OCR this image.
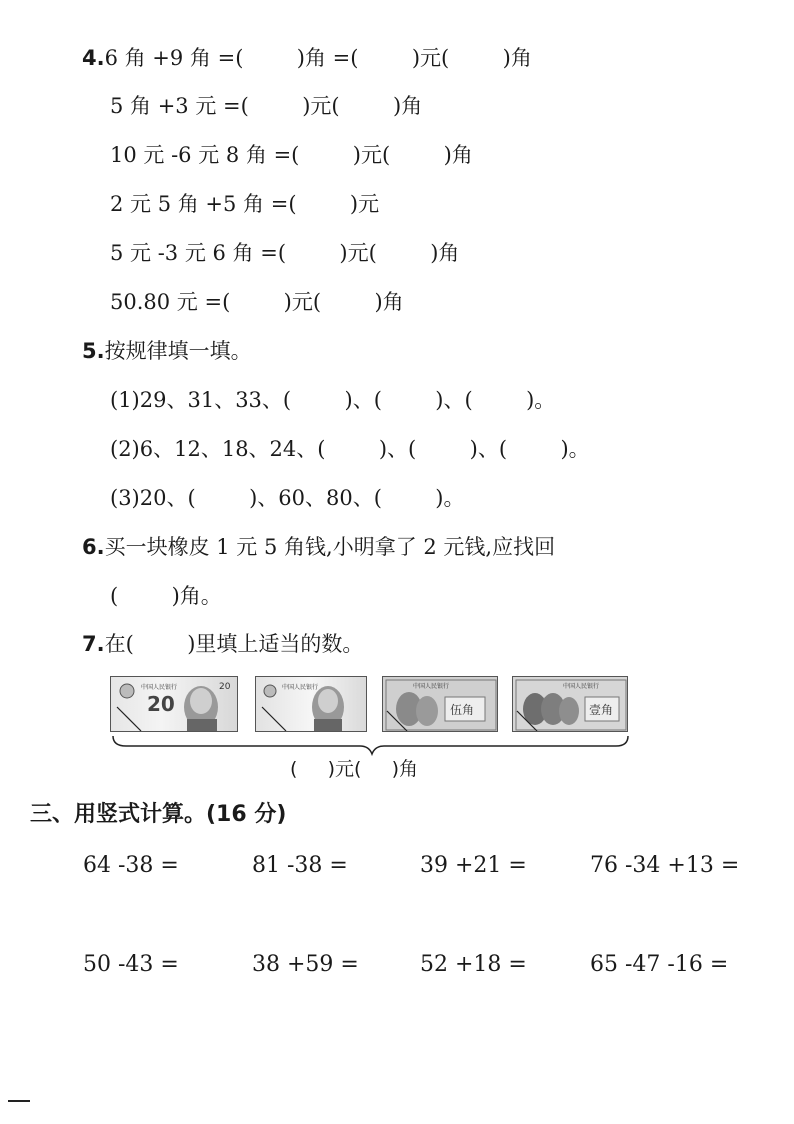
4.6 角 +9 角 =(        )角 =(        )元(        )角
5 角 +3 元 =(        )元(        )角
10 元 -6 元 8 角 =(        )元(        )角
2 元 5 角 +5 角 =(        )元
5 元 -3 元 6 角 =(        )元(        )角
50.80 元 =(        )元(        )角
5.按规律填一填。
(1)29、31、33、(        )、(        )、(        )。
(2)6、12、18、24、(        )、(        )、(        )。
(3)20、(        )、60、80、(        )。
6.买一块橡皮 1 元 5 角钱,小明拿了 2 元钱,应找回
(        )角。
7.在(        )里填上适当的数。
中国人民银行
20
20	中国人民银行	中国人民银行
伍角
中国人民银行
壹角
(     )元(     )角
三、用竖式计算。(16 分)
64 -38 =	81 -38 =	39 +21 =	76 -34 +13 =
50 -43 =	38 +59 =	52 +18 =	65 -47 -16 =
